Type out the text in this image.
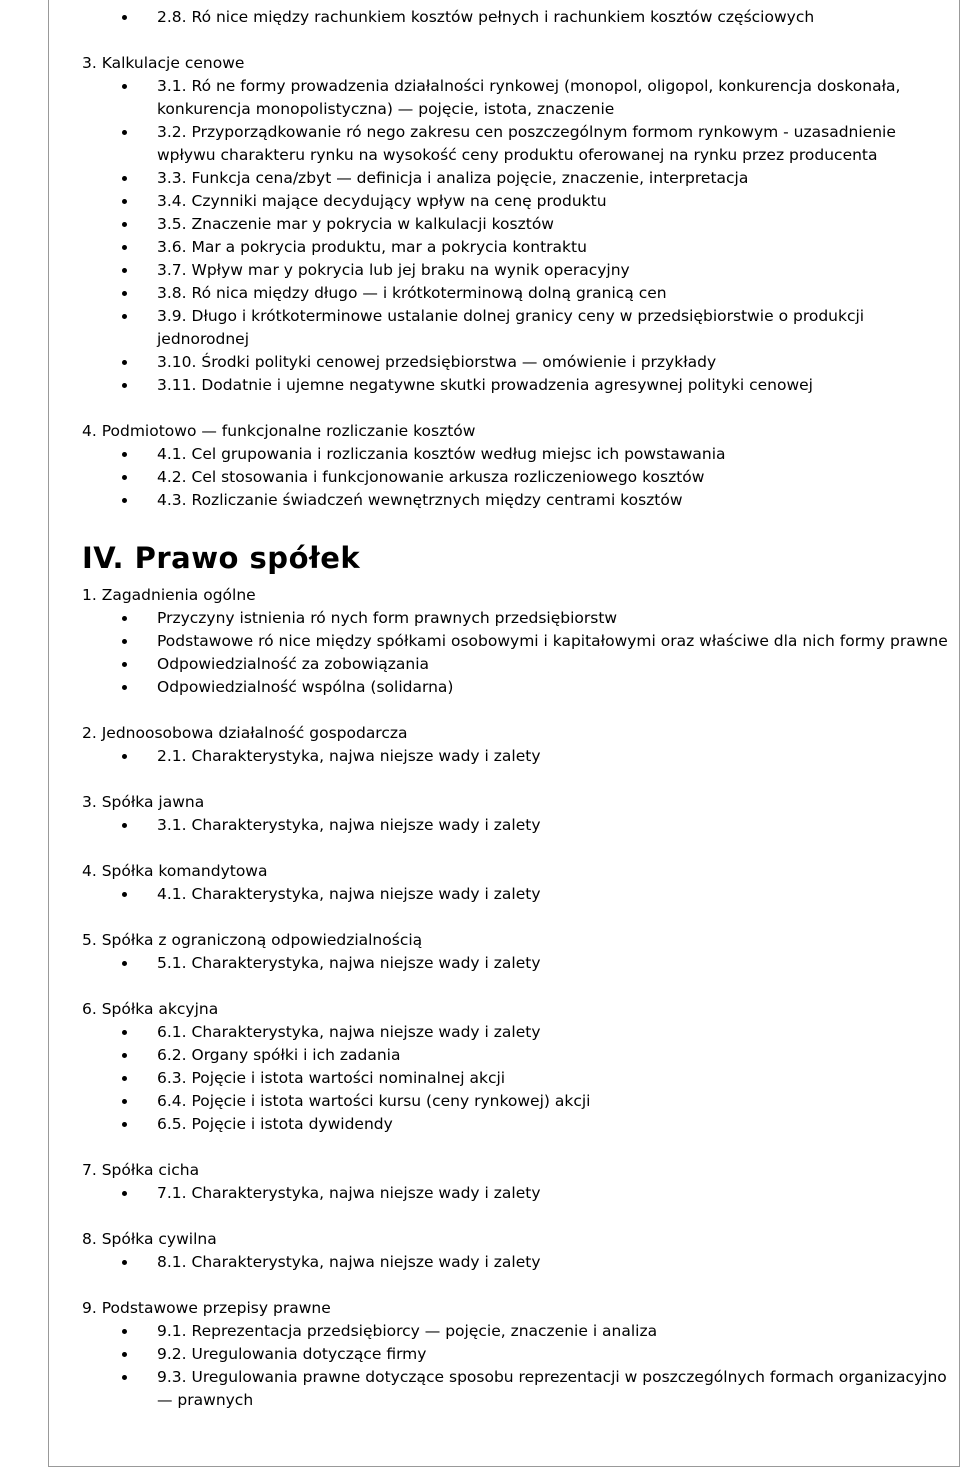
2.8. Ró nice między rachunkiem kosztów pełnych i rachunkiem kosztów częściowych
3. Kalkulacje cenowe
3.1. Ró ne formy prowadzenia działalności rynkowej (monopol, oligopol, konkurencja doskonała, konkurencja monopolistyczna) — pojęcie, istota, znaczenie
3.2. Przyporządkowanie ró nego zakresu cen poszczególnym formom rynkowym - uzasadnienie wpływu charakteru rynku na wysokość ceny produktu oferowanej na rynku przez producenta
3.3. Funkcja cena/zbyt — definicja i analiza pojęcie, znaczenie, interpretacja
3.4. Czynniki mające decydujący wpływ na cenę produktu
3.5. Znaczenie mar y pokrycia w kalkulacji kosztów
3.6. Mar a pokrycia produktu, mar a pokrycia kontraktu
3.7. Wpływ mar y pokrycia lub jej braku na wynik operacyjny
3.8. Ró nica między długo — i krótkoterminową dolną granicą cen
3.9. Długo i krótkoterminowe ustalanie dolnej granicy ceny w przedsiębiorstwie o produkcji jednorodnej
3.10. Środki polityki cenowej przedsiębiorstwa — omówienie i przykłady
3.11. Dodatnie i ujemne negatywne skutki prowadzenia agresywnej polityki cenowej
4. Podmiotowo — funkcjonalne rozliczanie kosztów
4.1. Cel grupowania i rozliczania kosztów według miejsc ich powstawania
4.2. Cel stosowania i funkcjonowanie arkusza rozliczeniowego kosztów
4.3. Rozliczanie świadczeń wewnętrznych między centrami kosztów
IV. Prawo spółek
1. Zagadnienia ogólne
Przyczyny istnienia ró nych form prawnych przedsiębiorstw
Podstawowe ró nice między spółkami osobowymi i kapitałowymi oraz właściwe dla nich formy prawne
Odpowiedzialność za zobowiązania
Odpowiedzialność wspólna (solidarna)
2. Jednoosobowa działalność gospodarcza
2.1. Charakterystyka, najwa niejsze wady i zalety
3. Spółka jawna
3.1. Charakterystyka, najwa niejsze wady i zalety
4. Spółka komandytowa
4.1. Charakterystyka, najwa niejsze wady i zalety
5. Spółka z ograniczoną odpowiedzialnością
5.1. Charakterystyka, najwa niejsze wady i zalety
6. Spółka akcyjna
6.1. Charakterystyka, najwa niejsze wady i zalety
6.2. Organy spółki i ich zadania
6.3. Pojęcie i istota wartości nominalnej akcji
6.4. Pojęcie i istota wartości kursu (ceny rynkowej) akcji
6.5. Pojęcie i istota dywidendy
7. Spółka cicha
7.1. Charakterystyka, najwa niejsze wady i zalety
8. Spółka cywilna
8.1. Charakterystyka, najwa niejsze wady i zalety
9. Podstawowe przepisy prawne
9.1. Reprezentacja przedsiębiorcy — pojęcie, znaczenie i analiza
9.2. Uregulowania dotyczące firmy
9.3. Uregulowania prawne dotyczące sposobu reprezentacji w poszczególnych formach organizacyjno — prawnych
